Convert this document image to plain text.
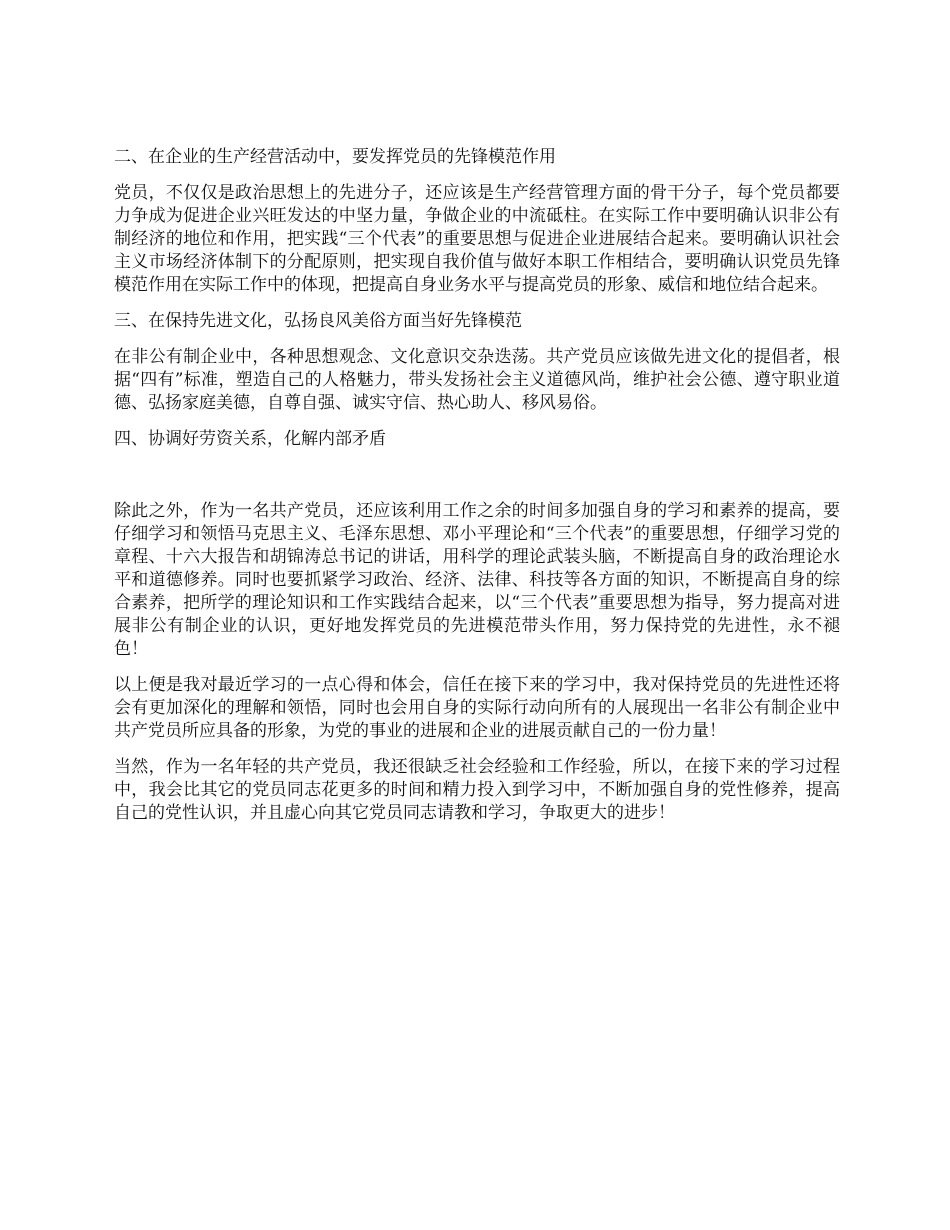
二、在企业的生产经营活动中，要发挥党员的先锋模范作用

党员，不仅仅是政治思想上的先进分子，还应该是生产经营管理方面的骨干分子，每个党员都要力争成为促进企业兴旺发达的中坚力量，争做企业的中流砥柱。在实际工作中要明确认识非公有制经济的地位和作用，把实践“三个代表”的重要思想与促进企业进展结合起来。要明确认识社会主义市场经济体制下的分配原则，把实现自我价值与做好本职工作相结合，要明确认识党员先锋模范作用在实际工作中的体现，把提高自身业务水平与提高党员的形象、威信和地位结合起来。

三、在保持先进文化，弘扬良风美俗方面当好先锋模范

在非公有制企业中，各种思想观念、文化意识交杂迭荡。共产党员应该做先进文化的提倡者，根据“四有”标准，塑造自己的人格魅力，带头发扬社会主义道德风尚，维护社会公德、遵守职业道德、弘扬家庭美德，自尊自强、诚实守信、热心助人、移风易俗。

四、协调好劳资关系，化解内部矛盾

除此之外，作为一名共产党员，还应该利用工作之余的时间多加强自身的学习和素养的提高，要仔细学习和领悟马克思主义、毛泽东思想、邓小平理论和“三个代表”的重要思想，仔细学习党的章程、十六大报告和胡锦涛总书记的讲话，用科学的理论武装头脑，不断提高自身的政治理论水平和道德修养。同时也要抓紧学习政治、经济、法律、科技等各方面的知识，不断提高自身的综合素养，把所学的理论知识和工作实践结合起来，以“三个代表”重要思想为指导，努力提高对进展非公有制企业的认识，更好地发挥党员的先进模范带头作用，努力保持党的先进性，永不褪色！

以上便是我对最近学习的一点心得和体会，信任在接下来的学习中，我对保持党员的先进性还将会有更加深化的理解和领悟，同时也会用自身的实际行动向所有的人展现出一名非公有制企业中共产党员所应具备的形象，为党的事业的进展和企业的进展贡献自己的一份力量！

当然，作为一名年轻的共产党员，我还很缺乏社会经验和工作经验，所以，在接下来的学习过程中，我会比其它的党员同志花更多的时间和精力投入到学习中，不断加强自身的党性修养，提高自己的党性认识，并且虚心向其它党员同志请教和学习，争取更大的进步！
